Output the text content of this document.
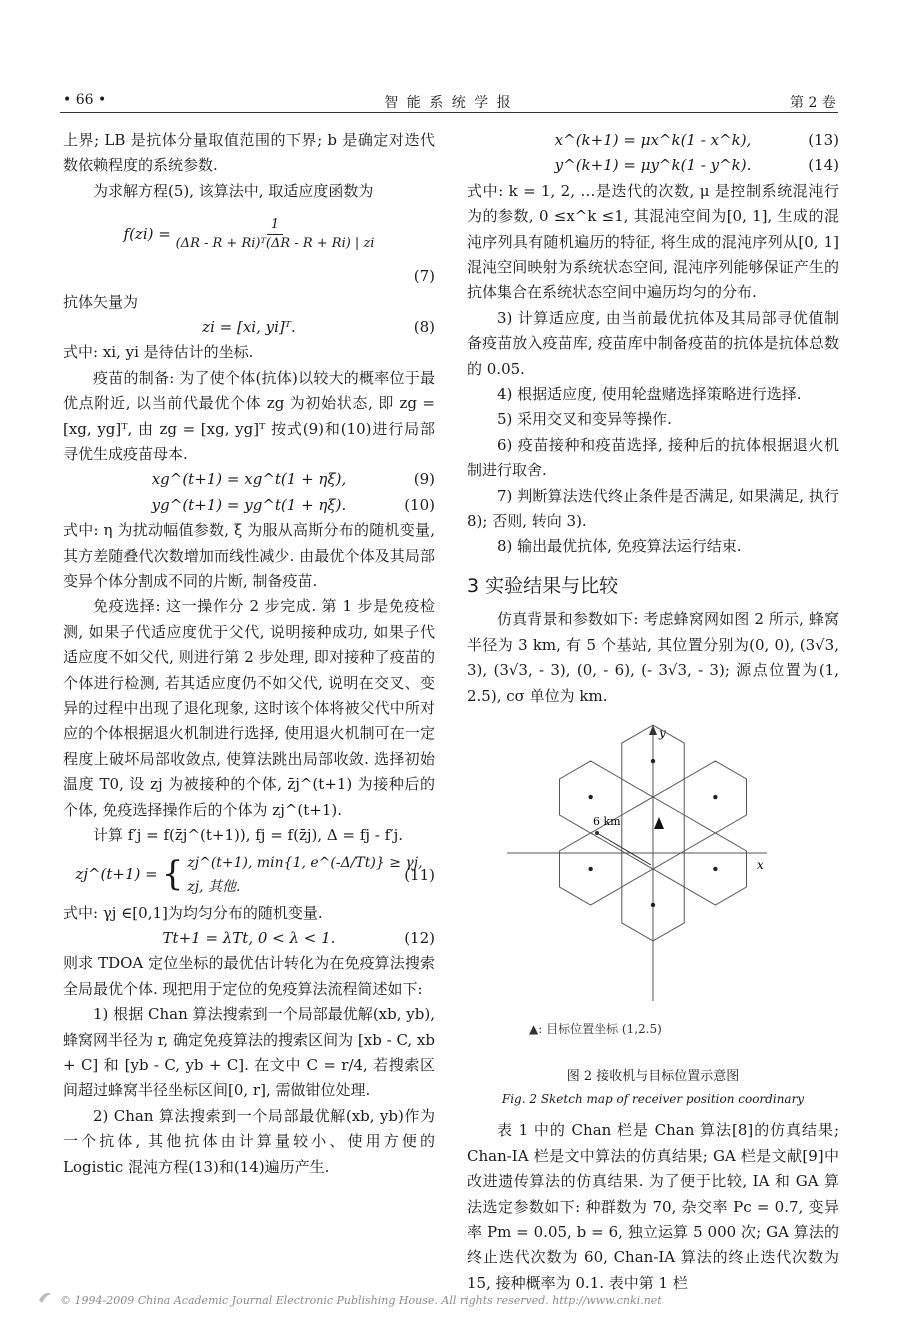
• 66 •	智 能 系 统 学 报	第 2 卷

上界; LB 是抗体分量取值范围的下界; b 是确定对迭代数依赖程度的系统参数.

为求解方程(5), 该算法中, 取适应度函数为

f(zi) =
$\frac{1}{\text{(ΔR - R + Ri)ᵀ(ΔR - R + Ri) | zi}}$
(7)

抗体矢量为

zi = [xi, yi]ᵀ.	(8)

式中: xi, yi 是待估计的坐标.

疫苗的制备: 为了使个体(抗体)以较大的概率位于最优点附近, 以当前代最优个体 zg 为初始状态, 即 zg = [xg, yg]ᵀ, 由 zg = [xg, yg]ᵀ 按式(9)和(10)进行局部寻优生成疫苗母本.

xg^(t+1) = xg^t(1 + ηξ),	(9)
yg^(t+1) = yg^t(1 + ηξ).	(10)

式中: η 为扰动幅值参数, ξ 为服从高斯分布的随机变量, 其方差随叠代次数增加而线性减少. 由最优个体及其局部变异个体分割成不同的片断, 制备疫苗.

免疫选择: 这一操作分 2 步完成. 第 1 步是免疫检测, 如果子代适应度优于父代, 说明接种成功, 如果子代适应度不如父代, 则进行第 2 步处理, 即对接种了疫苗的个体进行检测, 若其适应度仍不如父代, 说明在交叉、变异的过程中出现了退化现象, 这时该个体将被父代中所对应的个体根据退火机制进行选择, 使用退火机制可在一定程度上破坏局部收敛点, 使算法跳出局部收敛. 选择初始温度 T0, 设 zj 为被接种的个体, z̄j^(t+1) 为接种后的个体, 免疫选择操作后的个体为 zj^(t+1).

计算 f′j = f(z̄j^(t+1)), fj = f(z̄j), Δ = fj - f′j.

zj^(t+1) = { zj^(t+1), min{1, e^(-Δ/Tt)} ≥ γj,
zj, 其他.
(11)

式中: γj ∈[0,1]为均匀分布的随机变量.

Tt+1 = λTt, 0 < λ < 1.	(12)

则求 TDOA 定位坐标的最优估计转化为在免疫算法搜索全局最优个体. 现把用于定位的免疫算法流程简述如下:

1) 根据 Chan 算法搜索到一个局部最优解(xb, yb), 蜂窝网半径为 r, 确定免疫算法的搜索区间为 [xb - C, xb + C] 和 [yb - C, yb + C]. 在文中 C = r/4, 若搜索区间超过蜂窝半径坐标区间[0, r], 需做钳位处理.

2) Chan 算法搜索到一个局部最优解(xb, yb)作为一个抗体, 其他抗体由计算量较小、使用方便的 Logistic 混沌方程(13)和(14)遍历产生.

x^(k+1) = μx^k(1 - x^k),	(13)
y^(k+1) = μy^k(1 - y^k).	(14)

式中: k = 1, 2, …是迭代的次数, μ 是控制系统混沌行为的参数, 0 ≤x^k ≤1, 其混沌空间为[0, 1], 生成的混沌序列具有随机遍历的特征, 将生成的混沌序列从[0, 1]混沌空间映射为系统状态空间, 混沌序列能够保证产生的抗体集合在系统状态空间中遍历均匀的分布.

3) 计算适应度, 由当前最优抗体及其局部寻优值制备疫苗放入疫苗库, 疫苗库中制备疫苗的抗体是抗体总数的 0.05.

4) 根据适应度, 使用轮盘赌选择策略进行选择.

5) 采用交叉和变异等操作.

6) 疫苗接种和疫苗选择, 接种后的抗体根据退火机制进行取舍.

7) 判断算法迭代终止条件是否满足, 如果满足, 执行 8); 否则, 转向 3).

8) 输出最优抗体, 免疫算法运行结束.

3 实验结果与比较

仿真背景和参数如下: 考虑蜂窝网如图 2 所示, 蜂窝半径为 3 km, 有 5 个基站, 其位置分别为(0, 0), (3√3, 3), (3√3, - 3), (0, - 6), (- 3√3, - 3); 源点位置为(1, 2.5), cσ 单位为 km.

y
x
6 km
▲: 目标位置坐标 (1,2.5)
图 2 接收机与目标位置示意图
Fig. 2 Sketch map of receiver position coordinary

表 1 中的 Chan 栏是 Chan 算法[8]的仿真结果; Chan-IA 栏是文中算法的仿真结果; GA 栏是文献[9]中改进遗传算法的仿真结果. 为了便于比较, IA 和 GA 算法选定参数如下: 种群数为 70, 杂交率 Pc = 0.7, 变异率 Pm = 0.05, b = 6, 独立运算 5 000 次; GA 算法的终止迭代次数为 60, Chan-IA 算法的终止迭代次数为 15, 接种概率为 0.1. 表中第 1 栏

© 1994-2009 China Academic Journal Electronic Publishing House. All rights reserved. http://www.cnki.net
